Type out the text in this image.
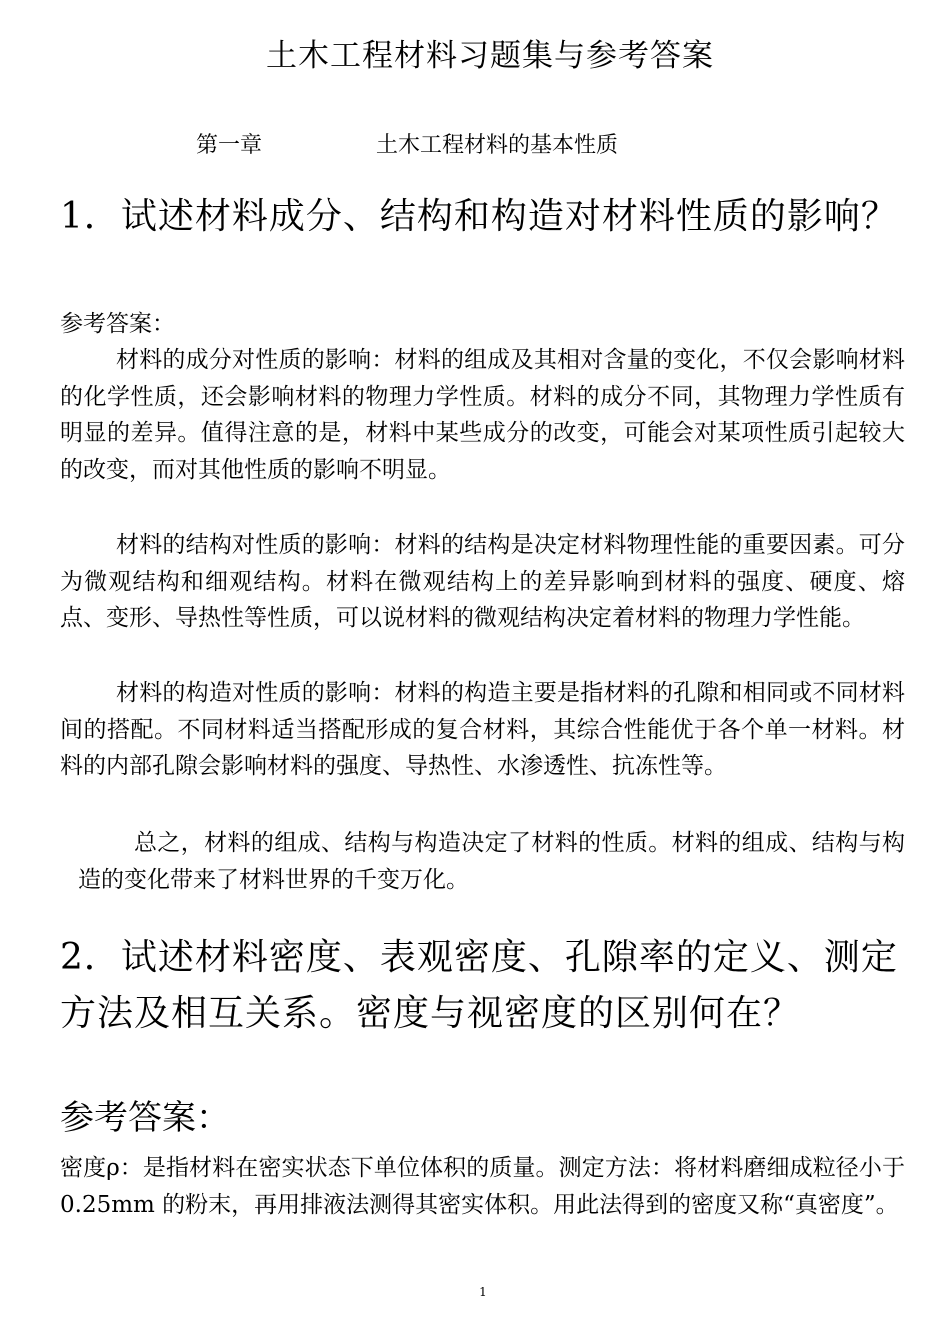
土木工程材料习题集与参考答案
第一章	土木工程材料的基本性质
1．试述材料成分、结构和构造对材料性质的影响？
参考答案：
材料的成分对性质的影响：材料的组成及其相对含量的变化，不仅会影响材料的化学性质，还会影响材料的物理力学性质。材料的成分不同，其物理力学性质有明显的差异。值得注意的是，材料中某些成分的改变，可能会对某项性质引起较大的改变，而对其他性质的影响不明显。
材料的结构对性质的影响：材料的结构是决定材料物理性能的重要因素。可分为微观结构和细观结构。材料在微观结构上的差异影响到材料的强度、硬度、熔点、变形、导热性等性质，可以说材料的微观结构决定着材料的物理力学性能。
材料的构造对性质的影响：材料的构造主要是指材料的孔隙和相同或不同材料间的搭配。不同材料适当搭配形成的复合材料，其综合性能优于各个单一材料。材料的内部孔隙会影响材料的强度、导热性、水渗透性、抗冻性等。
总之，材料的组成、结构与构造决定了材料的性质。材料的组成、结构与构造的变化带来了材料世界的千变万化。
2．试述材料密度、表观密度、孔隙率的定义、测定方法及相互关系。密度与视密度的区别何在？
参考答案：
密度ρ：是指材料在密实状态下单位体积的质量。测定方法：将材料磨细成粒径小于 0.25mm 的粉末，再用排液法测得其密实体积。用此法得到的密度又称“真密度”。
1
